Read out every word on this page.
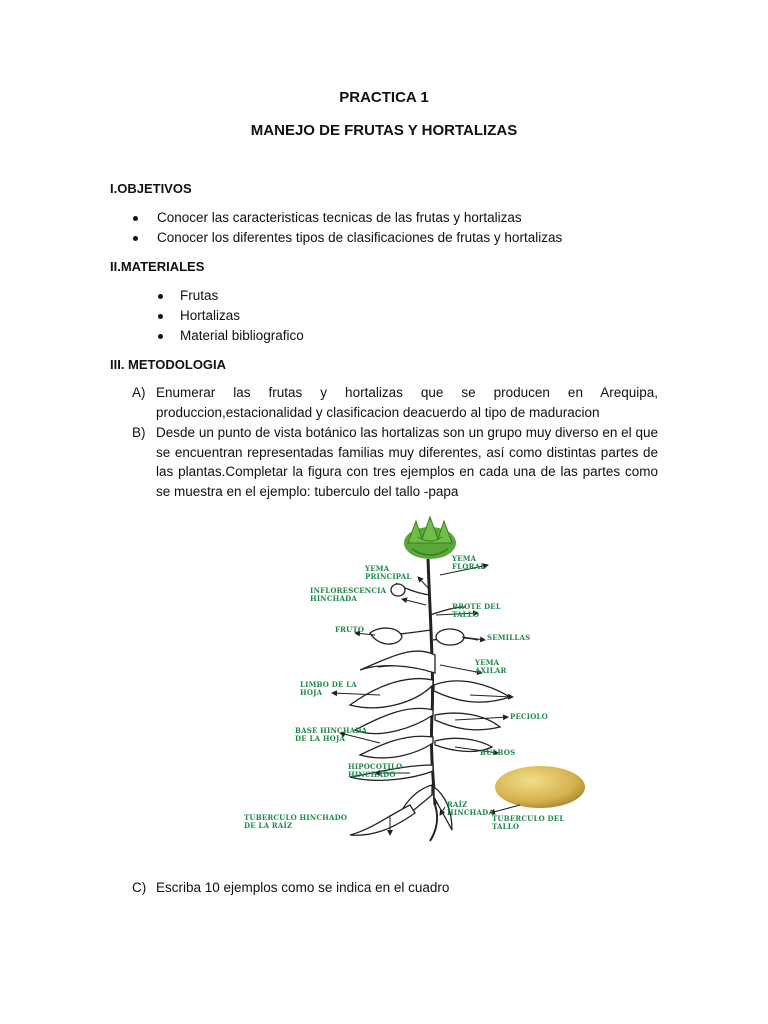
PRACTICA 1
MANEJO DE FRUTAS Y HORTALIZAS
I.OBJETIVOS
Conocer las caracteristicas tecnicas de las frutas y hortalizas
Conocer los diferentes tipos de clasificaciones de frutas y hortalizas
II.MATERIALES
Frutas
Hortalizas
Material bibliografico
III. METODOLOGIA
A) Enumerar las frutas y hortalizas que se producen en Arequipa, produccion,estacionalidad y clasificacion deacuerdo al tipo de maduracion
B) Desde un punto de vista botánico las hortalizas son un grupo muy diverso en el que se encuentran representadas familias muy diferentes, así como distintas partes de las plantas.Completar la figura con tres ejemplos en cada una de las partes como se muestra en el ejemplo: tuberculo del tallo -papa
YEMA PRINCIPAL
YEMA FLORAL
INFLORESCENCIA HINCHADA
BROTE DEL TALLO
FRUTO
SEMILLAS
YEMA AXILAR
LIMBO DE LA HOJA
PECIOLO
BASE HINCHADA DE LA HOJA
BULBOS
HIPOCOTILO HINCHADO
RAÍZ HINCHADA
TUBERCULO HINCHADO DE LA RAÍZ
TUBERCULO DEL TALLO
C) Escriba 10 ejemplos como se indica en el cuadro
